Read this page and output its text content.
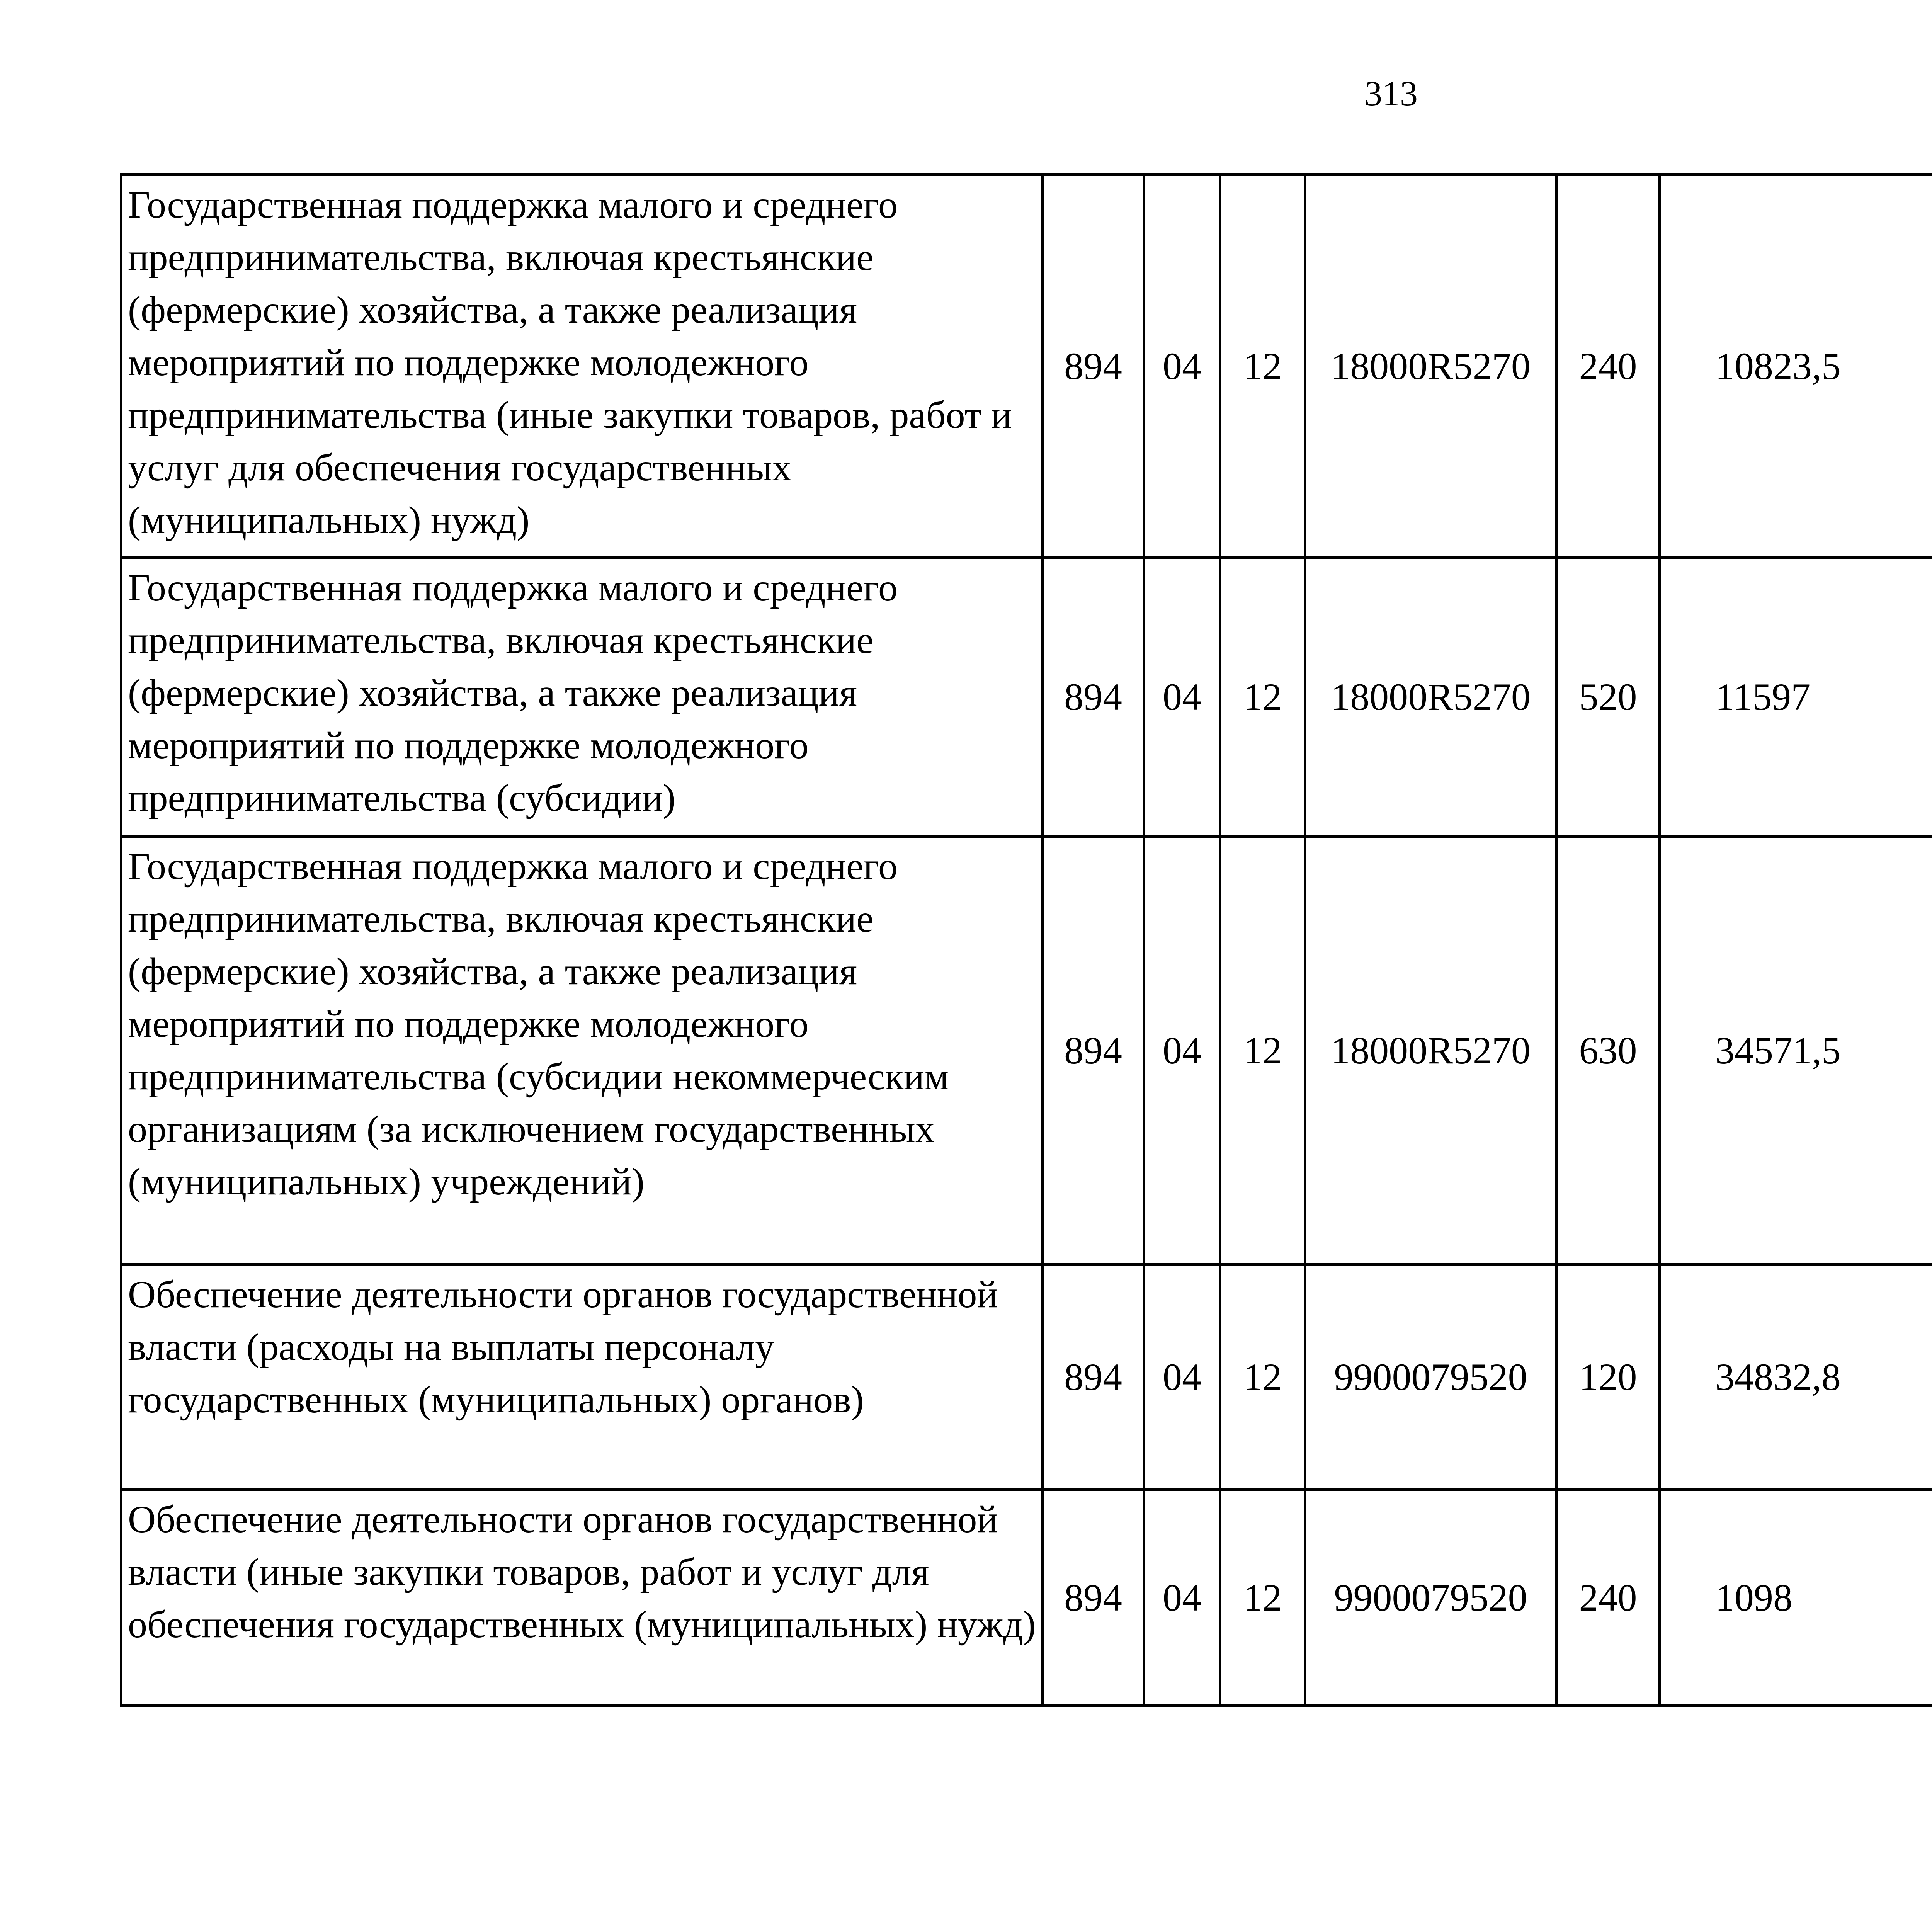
313
Государственная поддержка малого и среднего предпринимательства, включая крестьянские (фермерские) хозяйства, а также реализация мероприятий по поддержке молодежного предпринимательства (иные закупки товаров, работ и услуг для обеспечения государственных (муниципальных) нужд)	894	04	12	18000R5270	240	10823,5		
Государственная поддержка малого и среднего предпринимательства, включая крестьянские (фермерские) хозяйства, а также реализация мероприятий по поддержке молодежного предпринимательства (субсидии)	894	04	12	18000R5270	520	11597		
Государственная поддержка малого и среднего предпринимательства, включая крестьянские (фермерские) хозяйства, а также реализация мероприятий по поддержке молодежного предпринимательства (субсидии некоммерческим организациям (за исключением государственных (муниципальных) учреждений)	894	04	12	18000R5270	630	34571,5		
Обеспечение деятельности органов государственной власти (расходы на выплаты персоналу государственных (муниципальных) органов)	894	04	12	9900079520	120	34832,8		
Обеспечение деятельности органов государственной власти (иные закупки товаров, работ и услуг для обеспечения государственных (муниципальных) нужд)	894	04	12	9900079520	240	1098		
